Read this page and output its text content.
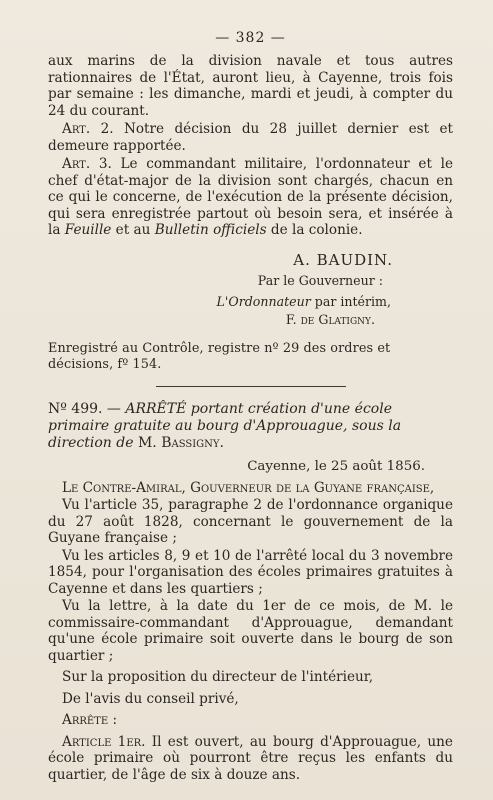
— 382 —

aux marins de la division navale et tous autres rationnaires de l'État, auront lieu, à Cayenne, trois fois par semaine : les dimanche, mardi et jeudi, à compter du 24 du courant.

Art. 2. Notre décision du 28 juillet dernier est et demeure rapportée.

Art. 3. Le commandant militaire, l'ordonnateur et le chef d'état-major de la division sont chargés, chacun en ce qui le concerne, de l'exécution de la présente décision, qui sera enregistrée partout où besoin sera, et insérée à la Feuille et au Bulletin officiels de la colonie.

A. BAUDIN.
Par le Gouverneur :
L'Ordonnateur par intérim,
F. de Glatigny.

Enregistré au Contrôle, registre nº 29 des ordres et décisions, fº 154.

Nº 499. — ARRÊTÉ portant création d'une école primaire gratuite au bourg d'Approuague, sous la direction de M. Bassigny.

Cayenne, le 25 août 1856.

Le Contre-Amiral, Gouverneur de la Guyane française,

Vu l'article 35, paragraphe 2 de l'ordonnance organique du 27 août 1828, concernant le gouvernement de la Guyane française ;

Vu les articles 8, 9 et 10 de l'arrêté local du 3 novembre 1854, pour l'organisation des écoles primaires gratuites à Cayenne et dans les quartiers ;

Vu la lettre, à la date du 1er de ce mois, de M. le commissaire-commandant d'Approuague, demandant qu'une école primaire soit ouverte dans le bourg de son quartier ;

Sur la proposition du directeur de l'intérieur,

De l'avis du conseil privé,

Arrête :

Article 1er. Il est ouvert, au bourg d'Approuague, une école primaire où pourront être reçus les enfants du quartier, de l'âge de six à douze ans.
